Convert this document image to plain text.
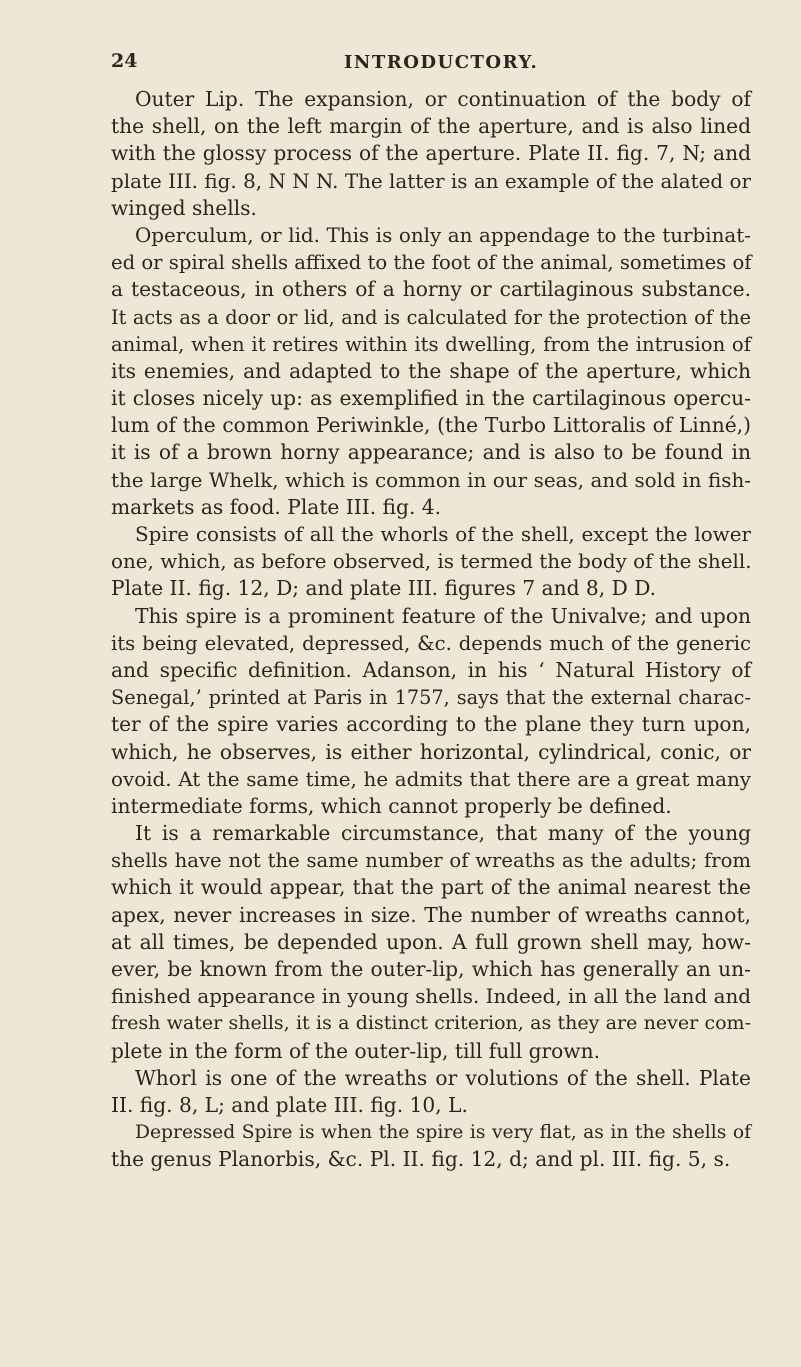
24	INTRODUCTORY.
Outer Lip. The expansion, or continuation of the body of
the shell, on the left margin of the aperture, and is also lined
with the glossy process of the aperture. Plate II. fig. 7, N; and
plate III. fig. 8, N N N. The latter is an example of the alated or
winged shells.
Operculum, or lid. This is only an appendage to the turbinat-
ed or spiral shells affixed to the foot of the animal, sometimes of
a testaceous, in others of a horny or cartilaginous substance.
It acts as a door or lid, and is calculated for the protection of the
animal, when it retires within its dwelling, from the intrusion of
its enemies, and adapted to the shape of the aperture, which
it closes nicely up: as exemplified in the cartilaginous opercu-
lum of the common Periwinkle, (the Turbo Littoralis of Linné,)
it is of a brown horny appearance; and is also to be found in
the large Whelk, which is common in our seas, and sold in fish-
markets as food. Plate III. fig. 4.
Spire consists of all the whorls of the shell, except the lower
one, which, as before observed, is termed the body of the shell.
Plate II. fig. 12, D; and plate III. figures 7 and 8, D D.
This spire is a prominent feature of the Univalve; and upon
its being elevated, depressed, &c. depends much of the generic
and specific definition. Adanson, in his ‘ Natural History of
Senegal,’ printed at Paris in 1757, says that the external charac-
ter of the spire varies according to the plane they turn upon,
which, he observes, is either horizontal, cylindrical, conic, or
ovoid. At the same time, he admits that there are a great many
intermediate forms, which cannot properly be defined.
It is a remarkable circumstance, that many of the young
shells have not the same number of wreaths as the adults; from
which it would appear, that the part of the animal nearest the
apex, never increases in size. The number of wreaths cannot,
at all times, be depended upon. A full grown shell may, how-
ever, be known from the outer-lip, which has generally an un-
finished appearance in young shells. Indeed, in all the land and
fresh water shells, it is a distinct criterion, as they are never com-
plete in the form of the outer-lip, till full grown.
Whorl is one of the wreaths or volutions of the shell. Plate
II. fig. 8, L; and plate III. fig. 10, L.
Depressed Spire is when the spire is very flat, as in the shells of
the genus Planorbis, &c. Pl. II. fig. 12, d; and pl. III. fig. 5, s.
